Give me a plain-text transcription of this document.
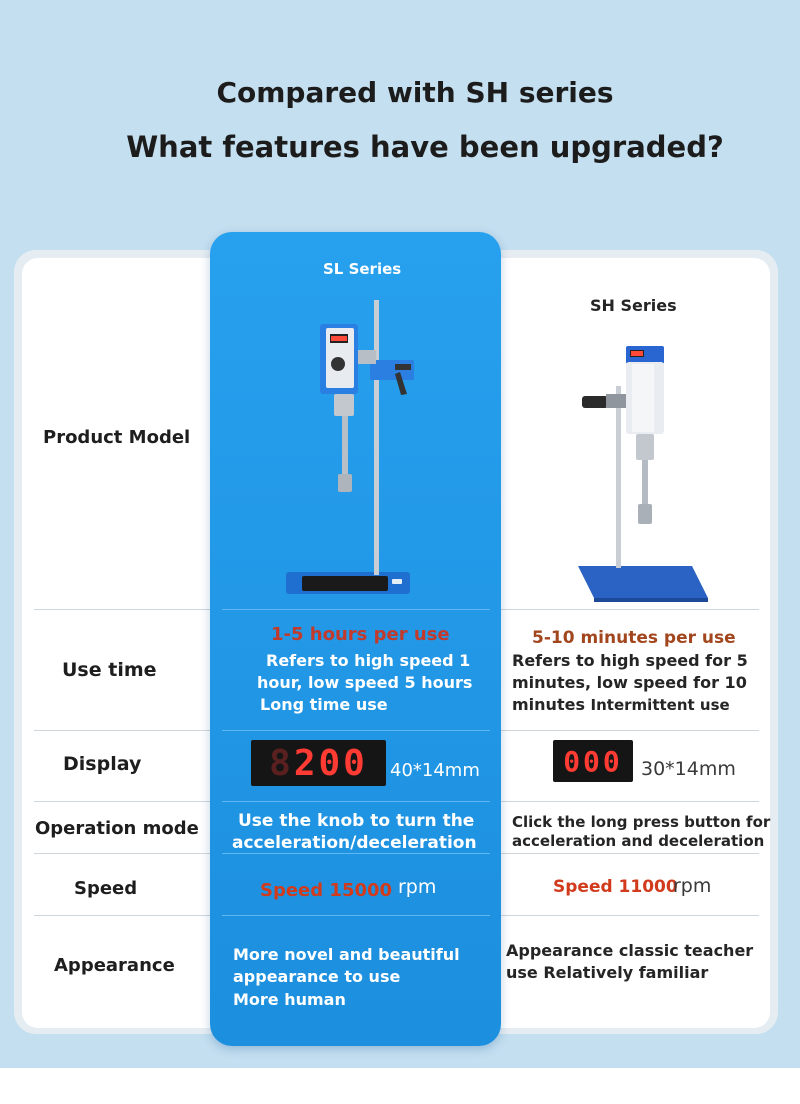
Compared with SH series
What features have been upgraded?
SL Series
SH Series
Product Model
Use time
Display
Operation mode
Speed
Appearance
1-5 hours per use
Refers to high speed 1
hour, low speed 5 hours
Long time use
5-10 minutes per use
Refers to high speed for 5
minutes, low speed for 10
minutes Intermittent use
8 200 40*14mm	000 30*14mm
Use the knob to turn the
acceleration/deceleration
Click the long press button for
acceleration and deceleration
Speed 15000 rpm	Speed 11000
rpm
More novel and beautiful
appearance to use
More human
Appearance classic teacher
use Relatively familiar
